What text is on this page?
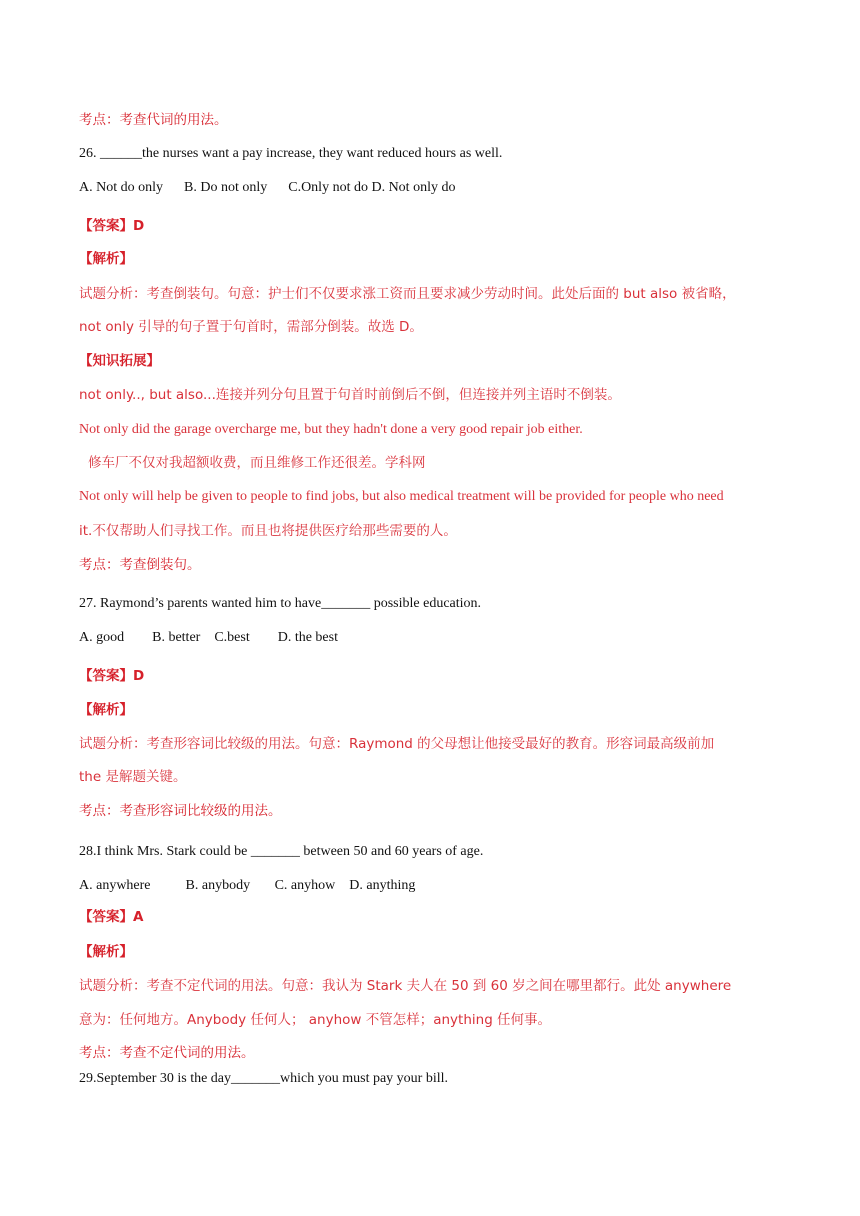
考点：考查代词的用法。
26. ______the nurses want a pay increase, they want reduced hours as well.
A. Not do only      B. Do not only      C.Only not do D. Not only do
【答案】D
【解析】
试题分析：考查倒装句。句意：护士们不仅要求涨工资而且要求减少劳动时间。此处后面的 but also 被省略，
not only 引导的句子置于句首时，需部分倒装。故选 D。
【知识拓展】
not only.., but also...连接并列分句且置于句首时前倒后不倒，但连接并列主语时不倒装。
Not only did the garage overcharge me, but they hadn't done a very good repair job either.
修车厂不仅对我超额收费，而且维修工作还很差。学科网
Not only will help be given to people to find jobs, but also medical treatment will be provided for people who need
it.不仅帮助人们寻找工作。而且也将提供医疗给那些需要的人。
考点：考查倒装句。
27. Raymond’s parents wanted him to have_______ possible education.
A. good        B. better    C.best        D. the best
【答案】D
【解析】
试题分析：考查形容词比较级的用法。句意：Raymond 的父母想让他接受最好的教育。形容词最高级前加
the 是解题关键。
考点：考查形容词比较级的用法。
28.I think Mrs. Stark could be _______ between 50 and 60 years of age.
A. anywhere          B. anybody       C. anyhow    D. anything
【答案】A
【解析】
试题分析：考查不定代词的用法。句意：我认为 Stark 夫人在 50 到 60 岁之间在哪里都行。此处 anywhere
意为：任何地方。Anybody 任何人； anyhow 不管怎样；anything 任何事。
考点：考查不定代词的用法。
29.September 30 is the day_______which you must pay your bill.
